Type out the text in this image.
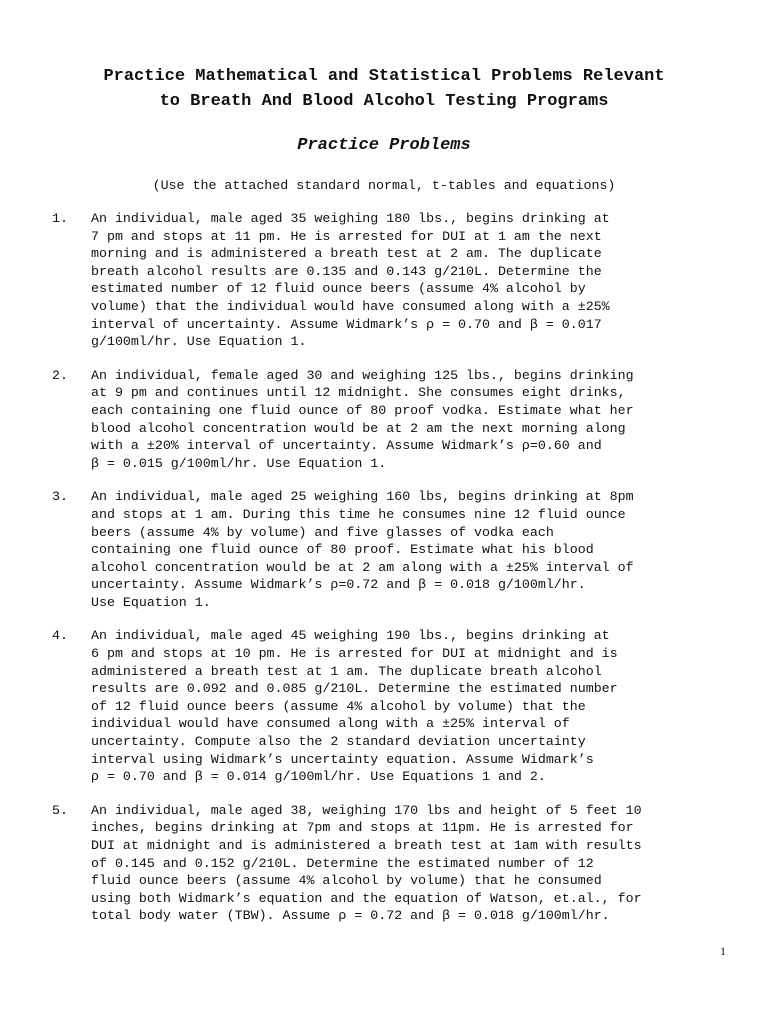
Practice Mathematical and Statistical Problems Relevant
to Breath And Blood Alcohol Testing Programs
Practice Problems
(Use the attached standard normal, t-tables and equations)
1. An individual, male aged 35 weighing 180 lbs., begins drinking at
7 pm and stops at 11 pm. He is arrested for DUI at 1 am the next
morning and is administered a breath test at 2 am. The duplicate
breath alcohol results are 0.135 and 0.143 g/210L. Determine the
estimated number of 12 fluid ounce beers (assume 4% alcohol by
volume) that the individual would have consumed along with a ±25%
interval of uncertainty. Assume Widmark’s ρ = 0.70 and β = 0.017
g/100ml/hr. Use Equation 1.
2. An individual, female aged 30 and weighing 125 lbs., begins drinking
at 9 pm and continues until 12 midnight. She consumes eight drinks,
each containing one fluid ounce of 80 proof vodka. Estimate what her
blood alcohol concentration would be at 2 am the next morning along
with a ±20% interval of uncertainty. Assume Widmark’s ρ=0.60 and
β = 0.015 g/100ml/hr. Use Equation 1.
3. An individual, male aged 25 weighing 160 lbs, begins drinking at 8pm
and stops at 1 am. During this time he consumes nine 12 fluid ounce
beers (assume 4% by volume) and five glasses of vodka each
containing one fluid ounce of 80 proof. Estimate what his blood
alcohol concentration would be at 2 am along with a ±25% interval of
uncertainty. Assume Widmark’s ρ=0.72 and β = 0.018 g/100ml/hr.
Use Equation 1.
4. An individual, male aged 45 weighing 190 lbs., begins drinking at
6 pm and stops at 10 pm. He is arrested for DUI at midnight and is
administered a breath test at 1 am. The duplicate breath alcohol
results are 0.092 and 0.085 g/210L. Determine the estimated number
of 12 fluid ounce beers (assume 4% alcohol by volume) that the
individual would have consumed along with a ±25% interval of
uncertainty. Compute also the 2 standard deviation uncertainty
interval using Widmark’s uncertainty equation. Assume Widmark’s
ρ = 0.70 and β = 0.014 g/100ml/hr. Use Equations 1 and 2.
5. An individual, male aged 38, weighing 170 lbs and height of 5 feet 10
inches, begins drinking at 7pm and stops at 11pm. He is arrested for
DUI at midnight and is administered a breath test at 1am with results
of 0.145 and 0.152 g/210L. Determine the estimated number of 12
fluid ounce beers (assume 4% alcohol by volume) that he consumed
using both Widmark’s equation and the equation of Watson, et.al., for
total body water (TBW). Assume ρ = 0.72 and β = 0.018 g/100ml/hr.
1
